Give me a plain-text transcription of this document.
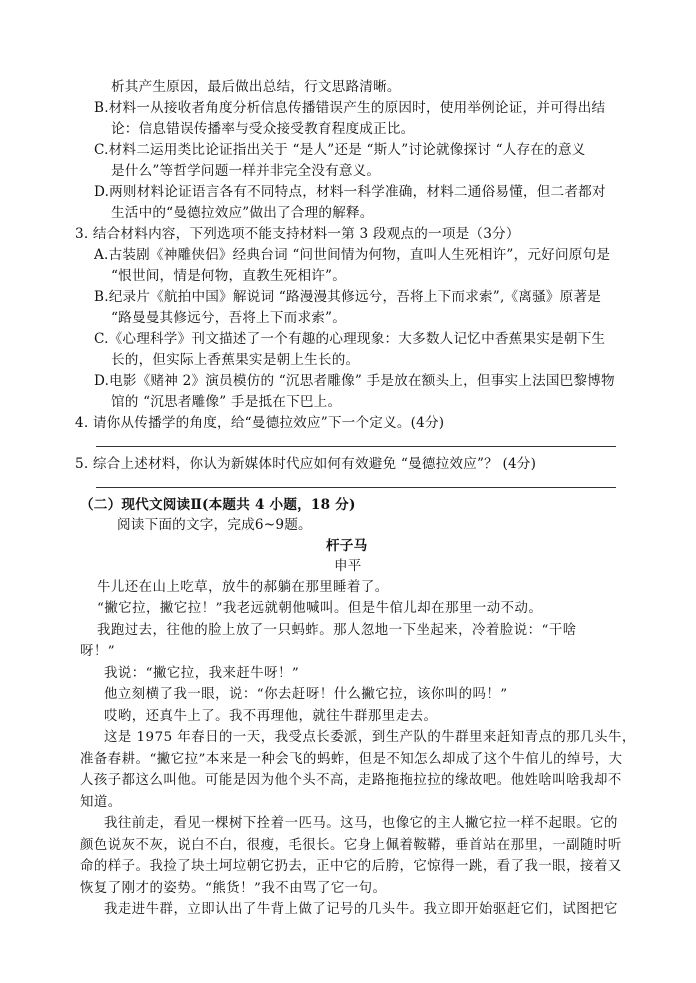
析其产生原因，最后做出总结，行文思路清晰。
B.材料一从接收者角度分析信息传播错误产生的原因时，使用举例论证，并可得出结
论：信息错误传播率与受众接受教育程度成正比。
C.材料二运用类比论证指出关于 “是人”还是 “斯人”讨论就像探讨 “人存在的意义
是什么”等哲学问题一样并非完全没有意义。
D.两则材料论证语言各有不同特点，材料一科学准确，材料二通俗易懂，但二者都对
生活中的“曼德拉效应”做出了合理的解释。
3. 结合材料内容，下列选项不能支持材料一第 3 段观点的一项是（3分）
A.古装剧《神雕侠侣》经典台词 “问世间情为何物，直叫人生死相许”，元好问原句是
“恨世间，情是何物，直教生死相许”。
B.纪录片《航拍中国》解说词 “路漫漫其修远兮，吾将上下而求索”,《离骚》原著是
“路曼曼其修远兮，吾将上下而求索”。
C.《心理科学》刊文描述了一个有趣的心理现象：大多数人记忆中香蕉果实是朝下生
长的，但实际上香蕉果实是朝上生长的。
D.电影《赌神 2》演员模仿的 “沉思者雕像” 手是放在额头上，但事实上法国巴黎博物
馆的 “沉思者雕像” 手是抵在下巴上。
4. 请你从传播学的角度，给“曼德拉效应”下一个定义。(4分)
5. 综合上述材料，你认为新媒体时代应如何有效避免 “曼德拉效应”？ (4分)
（二）现代文阅读Ⅱ(本题共 4 小题，18 分)
阅读下面的文字，完成6~9题。
杆子马
申平
牛儿还在山上吃草，放牛的郝躺在那里睡着了。
“撇它拉，撇它拉！”我老远就朝他喊叫。但是牛倌儿却在那里一动不动。
我跑过去，往他的脸上放了一只蚂蚱。那人忽地一下坐起来，冷着脸说：“干啥
呀！”
我说：“撇它拉，我来赶牛呀！”
他立刻横了我一眼，说：“你去赶呀！什么撇它拉，该你叫的吗！”
哎哟，还真牛上了。我不再理他，就往牛群那里走去。
这是 1975 年春日的一天，我受点长委派，到生产队的牛群里来赶知青点的那几头牛，
准备春耕。“撇它拉”本来是一种会飞的蚂蚱，但是不知怎么却成了这个牛倌儿的绰号，大
人孩子都这么叫他。可能是因为他个头不高，走路拖拖拉拉的缘故吧。他姓啥叫啥我却不
知道。
我往前走，看见一棵树下拴着一匹马。这马，也像它的主人撇它拉一样不起眼。它的
颜色说灰不灰，说白不白，很瘦，毛很长。它身上佩着鞍鞯，垂首站在那里，一副随时听
命的样子。我捡了块土坷垃朝它扔去，正中它的后胯，它惊得一跳，看了我一眼，接着又
恢复了刚才的姿势。“熊货！”我不由骂了它一句。
我走进牛群，立即认出了牛背上做了记号的几头牛。我立即开始驱赶它们，试图把它
